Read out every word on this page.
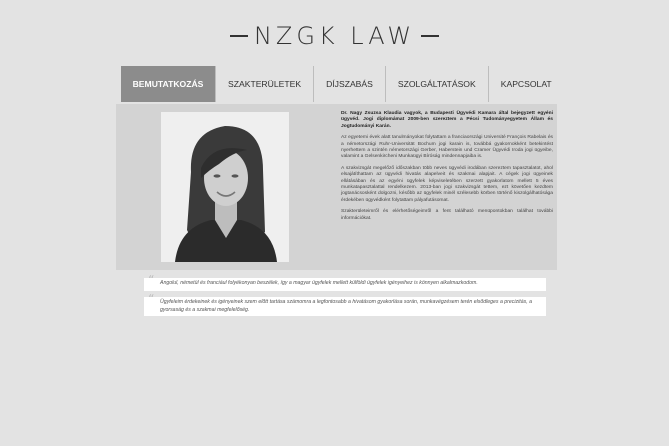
NZGK LAW
BEMUTATKOZÁS	SZAKTERÜLETEK	DÍJSZABÁS	SZOLGÁLTATÁSOK	KAPCSOLAT

Dr. Nagy Zsuzsa Klaudia vagyok, a Budapesti Ügyvédi Kamara által bejegyzett egyéni ügyvéd. Jogi diplomámat 2009-ben szereztem a Pécsi Tudományegyetem Állam és Jogtudományi Karán.

Az egyetemi évek alatt tanulmányokat folytattam a franciaországi Université François Rabelais és a németországi Ruhr-Universität Bochum jogi karain is, továbbá gyakornokként betekintést nyerhettem a szintén németországi Gerber, Haberstein und Cramer Ügyvédi Iroda jogi ügyeibe, valamint a Gelsenkircheni Munkaügyi Bíróság mindennapjaiba is.

A szakvizsgát megelőző időszakban több neves ügyvédi irodában szereztem tapasztalatot, ahol elsajátíthattam az ügyvédi hivatás alapelveit és szakmai alapjait. A cégek jogi ügyeinek ellátásában és az egyéni ügyfelek képviseletében szerzett gyakorlatom mellett 5 éves munkatapasztalattal rendelkezem. 2013-ban jogi szakvizsgát tettem, ezt követően kezdtem jogtanácsosként dolgozni, később az ügyfelek minél szélesebb körben történő kiszolgálhatósága érdekében ügyvédként folytattam pályafutásomat.

Szakterületeimről és elérhetőségeimről a fent található menüpontokban találhat további információkat.

“ Angolul, németül és franciául folyékonyan beszélek, így a magyar ügyfelek mellett külföldi ügyfelek igényeihez is könnyen alkalmazkodom.
“ Ügyfeleim érdekeinek és igényeinek szem előtt tartása számomra a legfontosabb a hivatásom gyakorlása során, munkavégzésem terén elsődleges a precizitás, a gyorsaság és a szakmai megfelelőség.
